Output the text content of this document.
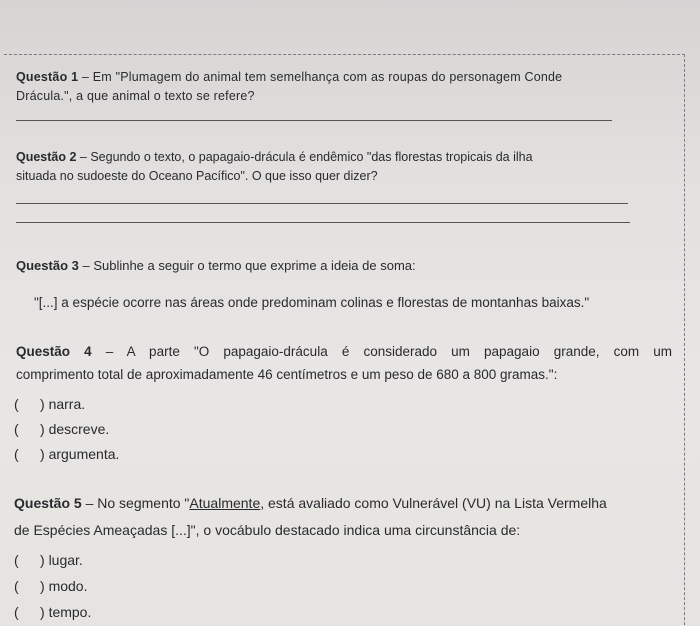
Questão 1 – Em "Plumagem do animal tem semelhança com as roupas do personagem Conde
Drácula.", a que animal o texto se refere?
Questão 2 – Segundo o texto, o papagaio-drácula é endêmico "das florestas tropicais da ilha
situada no sudoeste do Oceano Pacífico". O que isso quer dizer?
Questão 3 – Sublinhe a seguir o termo que exprime a ideia de soma:
"[...] a espécie ocorre nas áreas onde predominam colinas e florestas de montanhas baixas."
Questão 4 – A parte "O papagaio-drácula é considerado um papagaio grande, com um
comprimento total de aproximadamente 46 centímetros e um peso de 680 a 800 gramas.":
( ) narra.
( ) descreve.
( ) argumenta.
Questão 5 – No segmento "Atualmente, está avaliado como Vulnerável (VU) na Lista Vermelha
de Espécies Ameaçadas [...]", o vocábulo destacado indica uma circunstância de:
( ) lugar.
( ) modo.
( ) tempo.
